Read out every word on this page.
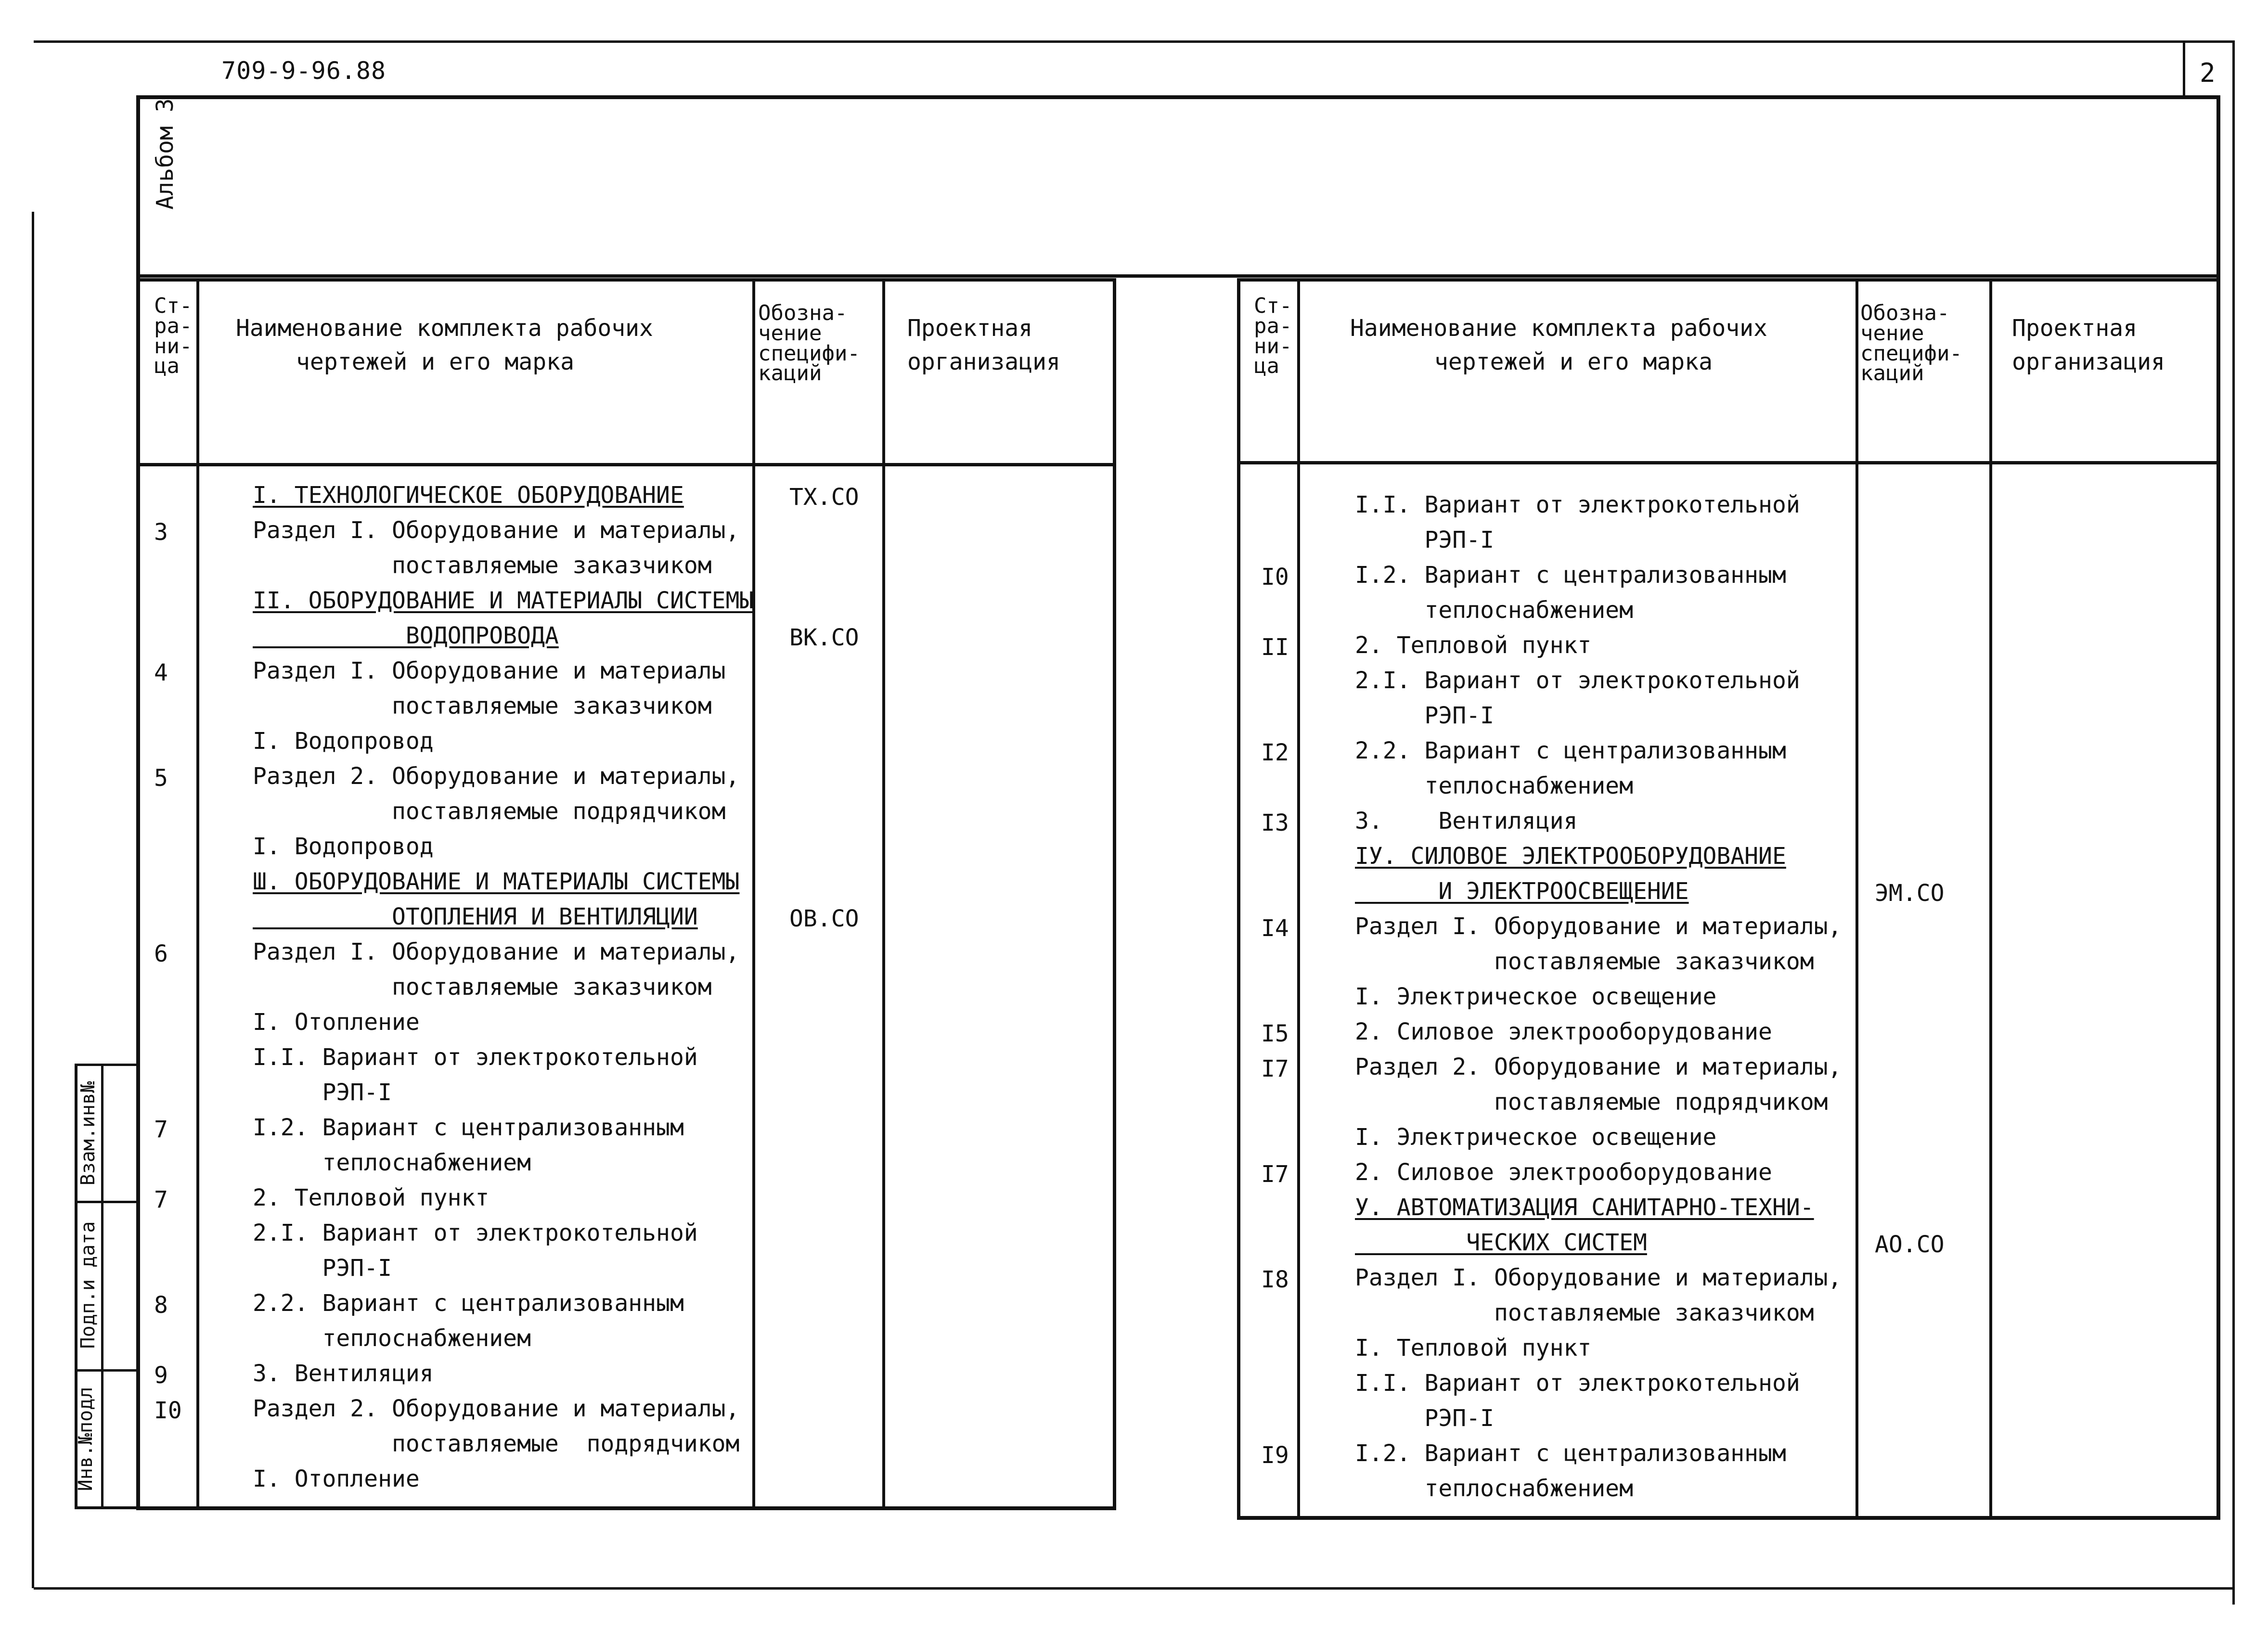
2
709-9-96.88
Альбом 3
Взам.инв№
Подп.и дата
Инв.№подл
Ст-
ра-
ни-
ца
Наименование комплекта рабочих
чертежей и его марка
Обозна-
чение
специфи-
каций
Проектная
организация
I. ТЕХНОЛОГИЧЕСКОЕ ОБОРУДОВАНИЕ	ТХ.СО
3	Раздел I. Оборудование и материалы,
поставляемые заказчиком
II. ОБОРУДОВАНИЕ И МАТЕРИАЛЫ СИСТЕМЫ
ВОДОПРОВОДА	ВК.СО
4	Раздел I. Оборудование и материалы
поставляемые заказчиком
I. Водопровод
5	Раздел 2. Оборудование и материалы,
поставляемые подрядчиком
I. Водопровод
Ш. ОБОРУДОВАНИЕ И МАТЕРИАЛЫ СИСТЕМЫ
ОТОПЛЕНИЯ И ВЕНТИЛЯЦИИ	ОВ.СО
6	Раздел I. Оборудование и материалы,
поставляемые заказчиком
I. Отопление
I.I. Вариант от электрокотельной
РЭП-I
7	I.2. Вариант с централизованным
теплоснабжением
7	2. Тепловой пункт
2.I. Вариант от электрокотельной
РЭП-I
8	2.2. Вариант с централизованным
теплоснабжением
9	3. Вентиляция
I0	Раздел 2. Оборудование и материалы,
поставляемые  подрядчиком
I. Отопление
Ст-
ра-
ни-
ца
Наименование комплекта рабочих
чертежей и его марка
Обозна-
чение
специфи-
каций
Проектная
организация
I.I. Вариант от электрокотельной
РЭП-I
I0	I.2. Вариант с централизованным
теплоснабжением
II	2. Тепловой пункт
2.I. Вариант от электрокотельной
РЭП-I
I2	2.2. Вариант с централизованным
теплоснабжением
I3	3.    Вентиляция
IУ. СИЛОВОЕ ЭЛЕКТРООБОРУДОВАНИЕ
И ЭЛЕКТРООСВЕЩЕНИЕ	ЭМ.СО
I4	Раздел I. Оборудование и материалы,
поставляемые заказчиком
I. Электрическое освещение
I5	2. Силовое электрооборудование
I7	Раздел 2. Оборудование и материалы,
поставляемые подрядчиком
I. Электрическое освещение
I7	2. Силовое электрооборудование
У. АВТОМАТИЗАЦИЯ САНИТАРНО-ТЕХНИ-
ЧЕСКИХ СИСТЕМ	АО.СО
I8	Раздел I. Оборудование и материалы,
поставляемые заказчиком
I. Тепловой пункт
I.I. Вариант от электрокотельной
РЭП-I
I9	I.2. Вариант с централизованным
теплоснабжением
